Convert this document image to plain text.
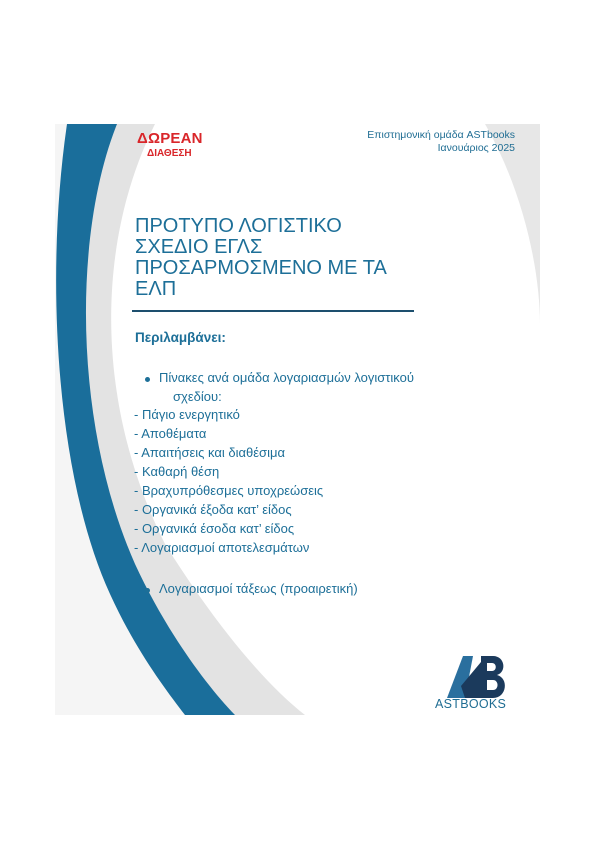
ΔΩΡΕΑΝ
ΔΙΑΘΕΣΗ
Επιστημονική ομάδα ASTbooks
Ιανουάριος 2025
ΠΡΟΤΥΠΟ ΛΟΓΙΣΤΙΚΟ
ΣΧΕΔΙΟ ΕΓΛΣ
ΠΡΟΣΑΡΜΟΣΜΕΝΟ ΜΕ ΤΑ
ΕΛΠ
Περιλαμβάνει:
Πίνακες ανά ομάδα λογαριασμών λογιστικού
σχεδίου:
- Πάγιο ενεργητικό
- Αποθέματα
- Απαιτήσεις και διαθέσιμα
- Καθαρή θέση
- Βραχυπρόθεσμες υποχρεώσεις
- Οργανικά έξοδα κατ’ είδος
- Οργανικά έσοδα κατ’ είδος
- Λογαριασμοί αποτελεσμάτων
Λογαριασμοί τάξεως (προαιρετική)
ASTBOOKS
